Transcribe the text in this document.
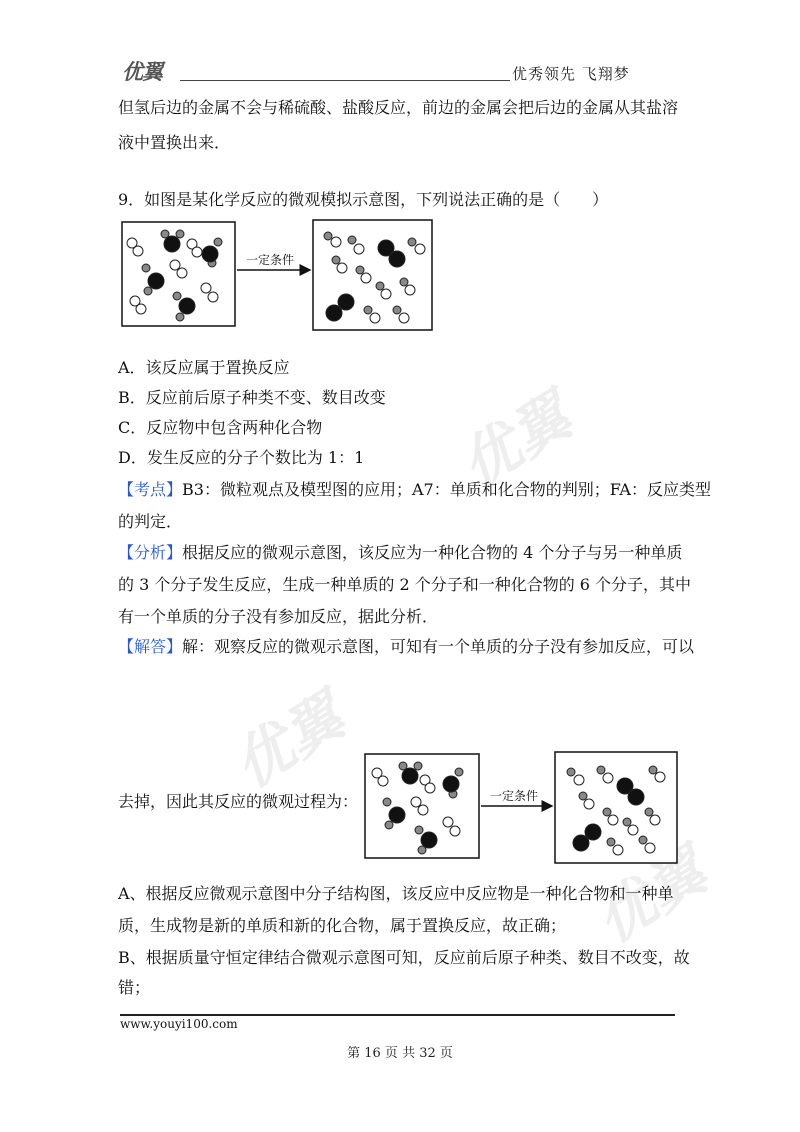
优翼
优翼
优翼
优翼	优秀领先 飞翔梦
但氢后边的金属不会与稀硫酸、盐酸反应，前边的金属会把后边的金属从其盐溶
液中置换出来．
9．如图是某化学反应的微观模拟示意图，下列说法正确的是（　　）
一定条件
A．该反应属于置换反应
B．反应前后原子种类不变、数目改变
C．反应物中包含两种化合物
D．发生反应的分子个数比为 1：1
【考点】B3：微粒观点及模型图的应用；A7：单质和化合物的判别；FA：反应类型
的判定．
【分析】根据反应的微观示意图，该反应为一种化合物的 4 个分子与另一种单质
的 3 个分子发生反应，生成一种单质的 2 个分子和一种化合物的 6 个分子，其中
有一个单质的分子没有参加反应，据此分析．
【解答】解：观察反应的微观示意图，可知有一个单质的分子没有参加反应，可以
一定条件
去掉，因此其反应的微观过程为：
A、根据反应微观示意图中分子结构图，该反应中反应物是一种化合物和一种单
质，生成物是新的单质和新的化合物，属于置换反应，故正确；
B、根据质量守恒定律结合微观示意图可知，反应前后原子种类、数目不改变，故
错；
www.youyi100.com
第 16 页 共 32 页
